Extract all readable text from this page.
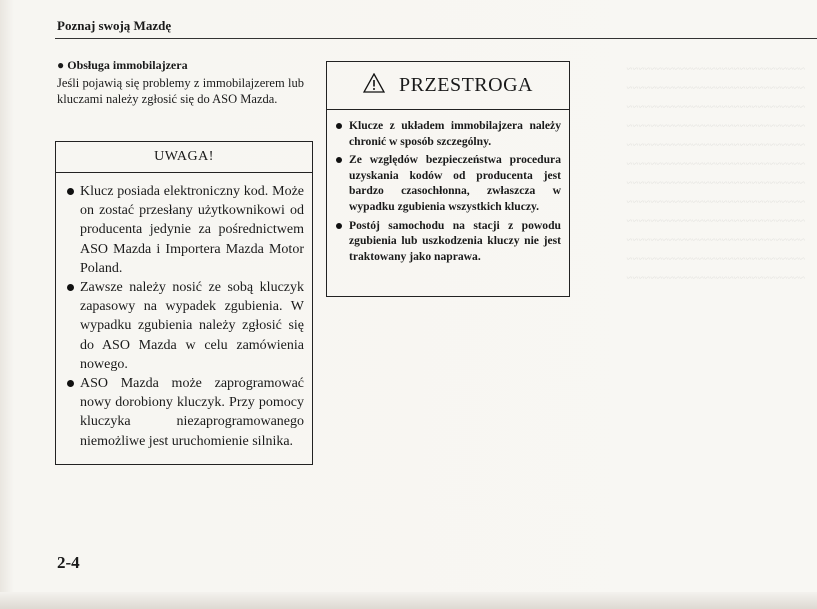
~~~~~~~~~~~~~~~~~~~~~~~~~~~~~~
~~~~~~~~~~~~~~~~~~~~~~~~~~~~~~
~~~~~~~~~~~~~~~~~~~~~~~~~~~~~~
~~~~~~~~~~~~~~~~~~~~~~~~~~~~~~
~~~~~~~~~~~~~~~~~~~~~~~~~~~~~~
~~~~~~~~~~~~~~~~~~~~~~~~~~~~~~
~~~~~~~~~~~~~~~~~~~~~~~~~~~~~~
~~~~~~~~~~~~~~~~~~~~~~~~~~~~~~
~~~~~~~~~~~~~~~~~~~~~~~~~~~~~~
~~~~~~~~~~~~~~~~~~~~~~~~~~~~~~
~~~~~~~~~~~~~~~~~~~~~~~~~~~~~~
~~~~~~~~~~~~~~~~~~~~~~~~~~~~~~
Poznaj swoją Mazdę
● Obsługa immobilajzera
Jeśli pojawią się problemy z immobilajzerem lub kluczami należy zgłosić się do ASO Mazda.
UWAGA!
Klucz posiada elektroniczny kod. Może on zostać przesłany użytkownikowi od producenta jedynie za pośrednictwem ASO Mazda i Importera Mazda Motor Poland.
Zawsze należy nosić ze sobą kluczyk zapasowy na wypadek zgubienia. W wypadku zgubienia należy zgłosić się do ASO Mazda w celu zamówienia nowego.
ASO Mazda może zaprogramować nowy dorobiony kluczyk. Przy pomocy kluczyka niezaprogramowanego niemożliwe jest uruchomienie silnika.
PRZESTROGA
Klucze z układem immobilajzera należy chronić w sposób szczególny.
Ze względów bezpieczeństwa procedura uzyskania kodów od producenta jest bardzo czasochłonna, zwłaszcza w wypadku zgubienia wszystkich kluczy.
Postój samochodu na stacji z powodu zgubienia lub uszkodzenia kluczy nie jest traktowany jako naprawa.
2-4
